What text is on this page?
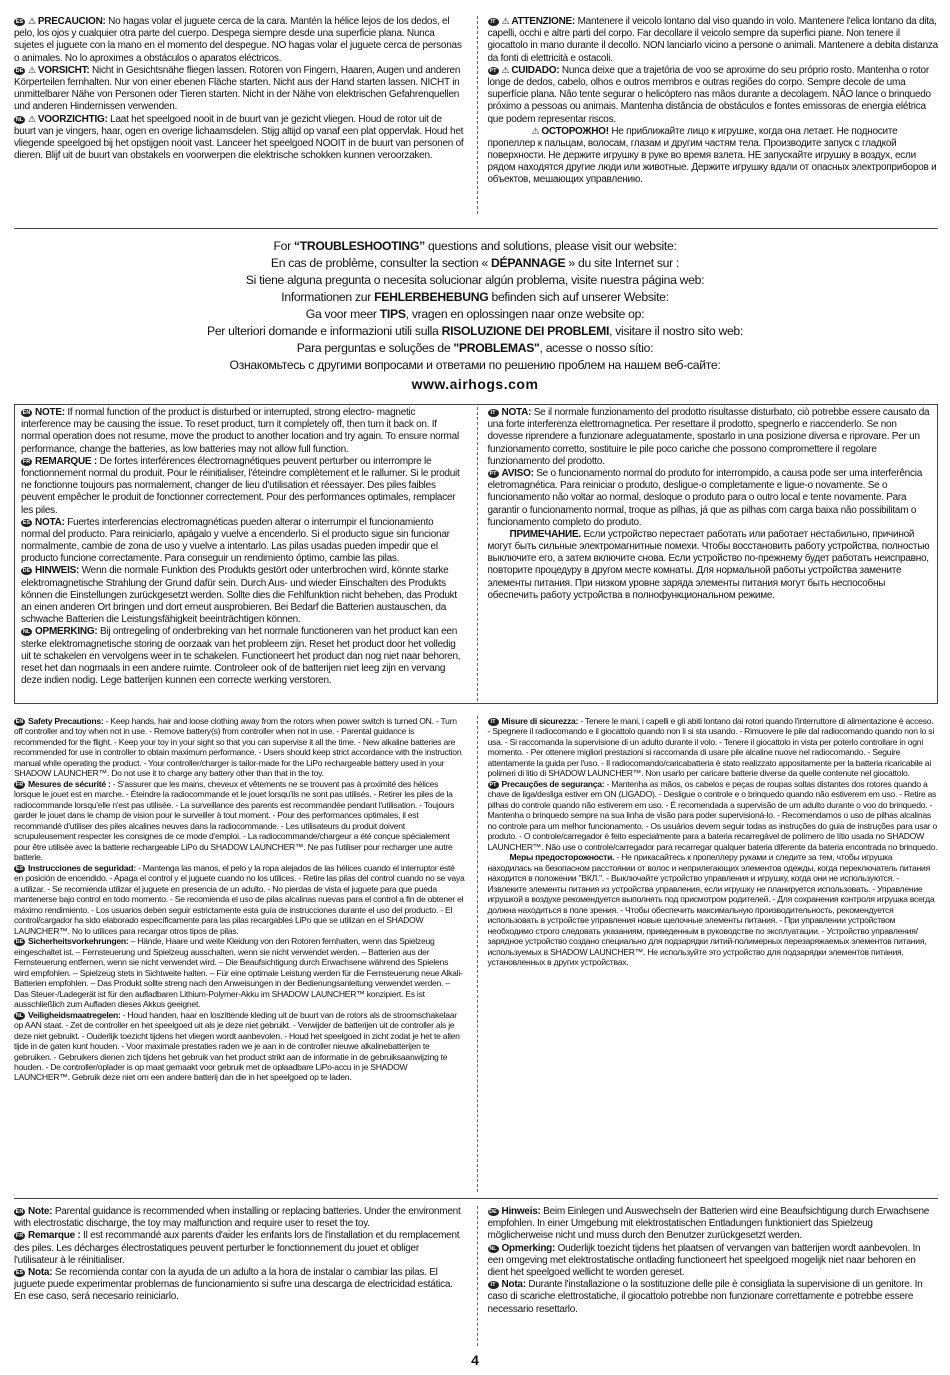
ES ⚠ PRECAUCIÓN: No hagas volar el juguete cerca de la cara. Mantén la hélice lejos de los dedos, el pelo, los ojos y cualquier otra parte del cuerpo. Despega siempre desde una superficie plana. Nunca sujetes el juguete con la mano en el momento del despegue. NO hagas volar el juguete cerca de personas o animales. No lo aproximes a obstáculos o aparatos eléctricos.

DE ⚠ VORSICHT: Nicht in Gesichtsnähe fliegen lassen. Rotoren von Fingern, Haaren, Augen und anderen Körperteilen fernhalten. Nur von einer ebenen Fläche starten. Nicht aus der Hand starten lassen. NICHT in unmittelbarer Nähe von Personen oder Tieren starten. Nicht in der Nähe von elektrischen Gefahrenquellen und anderen Hindernissen verwenden.

NL ⚠ VOORZICHTIG: Laat het speelgoed nooit in de buurt van je gezicht vliegen. Houd de rotor uit de buurt van je vingers, haar, ogen en overige lichaamsdelen. Stijg altijd op vanaf een plat oppervlak. Houd het vliegende speelgoed bij het opstijgen nooit vast. Lanceer het speelgoed NOOIT in de buurt van personen of dieren. Blijf uit de buurt van obstakels en voorwerpen die elektrische schokken kunnen veroorzaken.

IT ⚠ ATTENZIONE: Mantenere il veicolo lontano dal viso quando in volo. Mantenere l'elica lontano da dita, capelli, occhi e altre parti del corpo. Far decollare il veicolo sempre da superfici piane. Non tenere il giocattolo in mano durante il decollo. NON lanciarlo vicino a persone o animali. Mantenere a debita distanza da fonti di elettricità e ostacoli.

PT ⚠ CUIDADO: Nunca deixe que a trajetória de voo se aproxime do seu próprio rosto. Mantenha o rotor longe de dedos, cabelo, olhos e outros membros e outras regiões do corpo. Sempre decole de uma superfície plana. Não tente segurar o helicóptero nas mãos durante a decolagem. NÃO lance o brinquedo próximo a pessoas ou animais. Mantenha distância de obstáculos e fontes emissoras de energia elétrica que podem representar riscos.

⚠ ОСТОРОЖНО! Не приближайте лицо к игрушке, когда она летает. Не подносите пропеллер к пальцам, волосам, глазам и другим частям тела. Производите запуск с гладкой поверхности. Не держите игрушку в руке во время взлета. НЕ запускайте игрушку в воздух, если рядом находятся другие люди или животные. Держите игрушку вдали от опасных электроприборов и объектов, мешающих управлению.

For “TROUBLESHOOTING” questions and solutions, please visit our website:
En cas de problème, consulter la section « DÉPANNAGE » du site Internet sur :
Si tiene alguna pregunta o necesita solucionar algún problema, visite nuestra página web:
Informationen zur FEHLERBEHEBUNG befinden sich auf unserer Website:
Ga voor meer TIPS, vragen en oplossingen naar onze website op:
Per ulteriori domande e informazioni utili sulla RISOLUZIONE DEI PROBLEMI, visitare il nostro sito web:
Para perguntas e soluções de "PROBLEMAS", acesse o nosso sítio:
Ознакомьтесь с другими вопросами и ответами по решению проблем на нашем веб-сайте:
www.airhogs.com

EN NOTE: If normal function of the product is disturbed or interrupted, strong electro- magnetic interference may be causing the issue. To reset product, turn it completely off, then turn it back on. If normal operation does not resume, move the product to another location and try again. To ensure normal performance, change the batteries, as low batteries may not allow full function.

FR REMARQUE : De fortes interférences électromagnétiques peuvent perturber ou interrompre le fonctionnement normal du produit. Pour le réinitialiser, l'éteindre complètement et le rallumer. Si le produit ne fonctionne toujours pas normalement, changer de lieu d'utilisation et réessayer. Des piles faibles peuvent empêcher le produit de fonctionner correctement. Pour des performances optimales, remplacer les piles.

ES NOTA: Fuertes interferencias electromagnéticas pueden alterar o interrumpir el funcionamiento normal del producto. Para reiniciarlo, apágalo y vuelve a encenderlo. Si el producto sigue sin funcionar normalmente, cambie de zona de uso y vuelve a intentarlo. Las pilas usadas pueden impedir que el producto funcione correctamente. Para conseguir un rendimiento óptimo, cambie las pilas.

DE HINWEIS: Wenn die normale Funktion des Produkts gestört oder unterbrochen wird, könnte starke elektromagnetische Strahlung der Grund dafür sein. Durch Aus- und wieder Einschalten des Produkts können die Einstellungen zurückgesetzt werden. Sollte dies die Fehlfunktion nicht beheben, das Produkt an einen anderen Ort bringen und dort erneut ausprobieren. Bei Bedarf die Batterien austauschen, da schwache Batterien die Leistungsfähigkeit beeinträchtigen können.

NL OPMERKING: Bij ontregeling of onderbreking van het normale functioneren van het product kan een sterke elektromagnetische storing de oorzaak van het probleem zijn. Reset het product door het volledig uit te schakelen en vervolgens weer in te schakelen. Functioneert het product dan nog niet naar behoren, reset het dan nogmaals in een andere ruimte. Controleer ook of de batterijen niet leeg zijn en vervang deze indien nodig. Lege batterijen kunnen een correcte werking verstoren.

IT NOTA: Se il normale funzionamento del prodotto risultasse disturbato, ciò potrebbe essere causato da una forte interferenza elettromagnetica. Per resettare il prodotto, spegnerlo e riaccenderlo. Se non dovesse riprendere a funzionare adeguatamente, spostarlo in una posizione diversa e riprovare. Per un funzionamento corretto, sostituire le pile poco cariche che possono compromettere il regolare funzionamento del prodotto.

PT AVISO: Se o funcionamento normal do produto for interrompido, a causa pode ser uma interferência eletromagnética. Para reiniciar o produto, desligue-o completamente e ligue-o novamente. Se o funcionamento não voltar ao normal, desloque o produto para o outro local e tente novamente. Para garantir o funcionamento normal, troque as pilhas, já que as pilhas com carga baixa não possibilitam o funcionamento completo do produto.

ПРИМЕЧАНИЕ. Если устройство перестает работать или работает нестабильно, причиной могут быть сильные электромагнитные помехи. Чтобы восстановить работу устройства, полностью выключите его, а затем включите снова. Если устройство по-прежнему будет работать неисправно, повторите процедуру в другом месте комнаты. Для нормальной работы устройства замените элементы питания. При низком уровне заряда элементы питания могут быть неспособны обеспечить работу устройства в полнофункциональном режиме.

EN Safety Precautions: - Keep hands, hair and loose clothing away from the rotors when power switch is turned ON. - Turn off controller and toy when not in use. - Remove battery(s) from controller when not in use. - Parental guidance is recommended for the flight. - Keep your toy in your sight so that you can supervise it all the time. - New alkaline batteries are recommended for use in controller to obtain maximum performance. - Users should keep strict accordance with the instruction manual while operating the product. - Your controller/charger is tailor-made for the LiPo rechargeable battery used in your SHADOW LAUNCHER™. Do not use it to charge any battery other than that in the toy.

FR Mesures de sécurité : - S'assurer que les mains, cheveux et vêtements ne se trouvent pas à proximité des hélices lorsque le jouet est en marche. - Éteindre la radiocommande et le jouet lorsqu'ils ne sont pas utilisés. - Retirer les piles de la radiocommande lorsqu'elle n'est pas utilisée. - La surveillance des parents est recommandée pendant l'utilisation. - Toujours garder le jouet dans le champ de vision pour le surveiller à tout moment. - Pour des performances optimales, il est recommandé d'utiliser des piles alcalines neuves dans la radiocommande. - Les utilisateurs du produit doivent scrupuleusement respecter les consignes de ce mode d'emploi. - La radiocommande/chargeur a été conçue spécialement pour être utilisée avec la batterie rechargeable LiPo du SHADOW LAUNCHER™. Ne pas l'utiliser pour recharger une autre batterie.

ES Instrucciones de seguridad: - Mantenga las manos, el pelo y la ropa alejados de las hélices cuando el interruptor esté en posición de encendido. - Apaga el control y el juguete cuando no los utilices. - Retire las pilas del control cuando no se vaya a utilizar. - Se recomienda utilizar el juguete en presencia de un adulto. - No pierdas de vista el juguete para que pueda mantenerse bajo control en todo momento. - Se recomienda el uso de pilas alcalinas nuevas para el control a fin de obtener el máximo rendimiento. - Los usuarios deben seguir estrictamente esta guía de instrucciones durante el uso del producto. - El control/cargador ha sido elaborado específicamente para las pilas recargables LiPo que se utilizan en el SHADOW LAUNCHER™. No lo utilices para recargar otros tipos de pilas.

DE Sicherheitsvorkehrungen: – Hände, Haare und weite Kleidung von den Rotoren fernhalten, wenn das Spielzeug eingeschaltet ist. – Fernsteuerung und Spielzeug ausschalten, wenn sie nicht verwendet werden. – Batterien aus der Fernsteuerung entfernen, wenn sie nicht verwendet wird. – Die Beaufsichtigung durch Erwachsene während des Spielens wird empfohlen. – Spielzeug stets in Sichtweite halten. – Für eine optimale Leistung werden für die Fernsteuerung neue Alkali-Batterien empfohlen. – Das Produkt sollte streng nach den Anweisungen in der Bedienungsanleitung verwendet werden. – Das Steuer-/Ladegerät ist für den aufladbaren Lithium-Polymer-Akku im SHADOW LAUNCHER™ konzipiert. Es ist ausschließlich zum Aufladen dieses Akkus geeignet.

NL Veiligheidsmaatregelen: - Houd handen, haar en loszittende kleding uit de buurt van de rotors als de stroomschakelaar op AAN staat. - Zet de controller en het speelgoed uit als je deze niet gebruikt. - Verwijder de batterijen uit de controller als je deze niet gebruikt. - Ouderlijk toezicht tijdens het vliegen wordt aanbevolen. - Houd het speelgoed in zicht zodat je het te allen tijde in de gaten kunt houden. - Voor maximale prestaties raden we je aan in de controller nieuwe alkalinebatterijen te gebruiken. - Gebruikers dienen zich tijdens het gebruik van het product strikt aan de informatie in de gebruiksaanwijzing te houden. - De controller/oplader is op maat gemaakt voor gebruik met de oplaadbare LiPo-accu in je SHADOW LAUNCHER™. Gebruik deze niet om een andere batterij dan die in het speelgoed op te laden.

IT Misure di sicurezza: - Tenere le mani, i capelli e gli abiti lontano dai rotori quando l'interruttore di alimentazione è acceso. - Spegnere il radiocomando e il giocattolo quando non li si sta usando. - Rimuovere le pile dal radiocomando quando non lo si usa. - Si raccomanda la supervisione di un adulto durante il volo. - Tenere il giocattolo in vista per poterlo controllare in ogni momento. - Per ottenere migliori prestazioni si raccomanda di usare pile alcaline nuove nel radiocomando. - Seguire attentamente la guida per l'uso. - Il radiocomando/caricabatteria è stato realizzato appositamente per la batteria ricaricabile ai polimeri di litio di SHADOW LAUNCHER™. Non usarlo per caricare batterie diverse da quelle contenute nel giocattolo.

PT Precauções de segurança: - Mantenha as mãos, os cabelos e peças de roupas soltas distantes dos rotores quando a chave de liga/desliga estiver em ON (LIGADO). - Desligue o controle e o brinquedo quando não estiverem em uso. - Retire as pilhas do controle quando não estiverem em uso. - É recomendada a supervisão de um adulto durante o voo do brinquedo. - Mantenha o brinquedo sempre na sua linha de visão para poder supervisioná-lo. - Recomendamos o uso de pilhas alcalinas no controle para um melhor funcionamento. - Os usuários devem seguir todas as instruções do guia de instruções para usar o produto. - O controle/carregador é feito especialmente para a bateria recarregável de polímero de lítio usada no SHADOW LAUNCHER™. Não use o controle/carregador para recarregar qualquer bateria diferente da bateria encontrada no brinquedo.

Меры предосторожности. - Не прикасайтесь к пропеллеру руками и следите за тем, чтобы игрушка находилась на безопасном расстоянии от волос и неприлегающих элементов одежды, когда переключатель питания находится в положении "ВКЛ.". - Выключайте устройство управления и игрушку, когда они не используются. - Извлеките элементы питания из устройства управления, если игрушку не планируется использовать. - Управление игрушкой в воздухе рекомендуется выполнять под присмотром родителей. - Для сохранения контроля игрушка всегда должна находиться в поле зрения. - Чтобы обеспечить максимальную производительность, рекомендуется использовать в устройстве управления новые щелочные элементы питания. - При управлении устройством необходимо строго следовать указаниям, приведенным в руководстве по эксплуатации. - Устройство управления/зарядное устройство создано специально для подзарядки литий-полимерных перезаряжаемых элементов питания, используемых в SHADOW LAUNCHER™. Не используйте это устройство для подзарядки элементов питания, установленных в других устройствах.

EN Note: Parental guidance is recommended when installing or replacing batteries. Under the environment with electrostatic discharge, the toy may malfunction and require user to reset the toy.

FR Remarque : Il est recommandé aux parents d'aider les enfants lors de l'installation et du remplacement des piles. Les décharges électrostatiques peuvent perturber le fonctionnement du jouet et obliger l'utilisateur à le réinitialiser.

ES Nota: Se recomienda contar con la ayuda de un adulto a la hora de instalar o cambiar las pilas. El juguete puede experimentar problemas de funcionamiento si sufre una descarga de electricidad estática. En ese caso, será necesario reiniciarlo.

DE Hinweis: Beim Einlegen und Auswechseln der Batterien wird eine Beaufsichtigung durch Erwachsene empfohlen. In einer Umgebung mit elektrostatischen Entladungen funktioniert das Spielzeug möglicherweise nicht und muss durch den Benutzer zurückgesetzt werden.

NL Opmerking: Ouderlijk toezicht tijdens het plaatsen of vervangen van batterijen wordt aanbevolen. In een omgeving met elektrostatische ontlading functioneert het speelgoed mogelijk niet naar behoren en dient het speelgoed wellicht te worden gereset.

IT Nota: Durante l'installazione o la sostituzione delle pile è consigliata la supervisione di un genitore. In caso di scariche elettrostatiche, il giocattolo potrebbe non funzionare correttamente e potrebbe essere necessario resettarlo.

4
